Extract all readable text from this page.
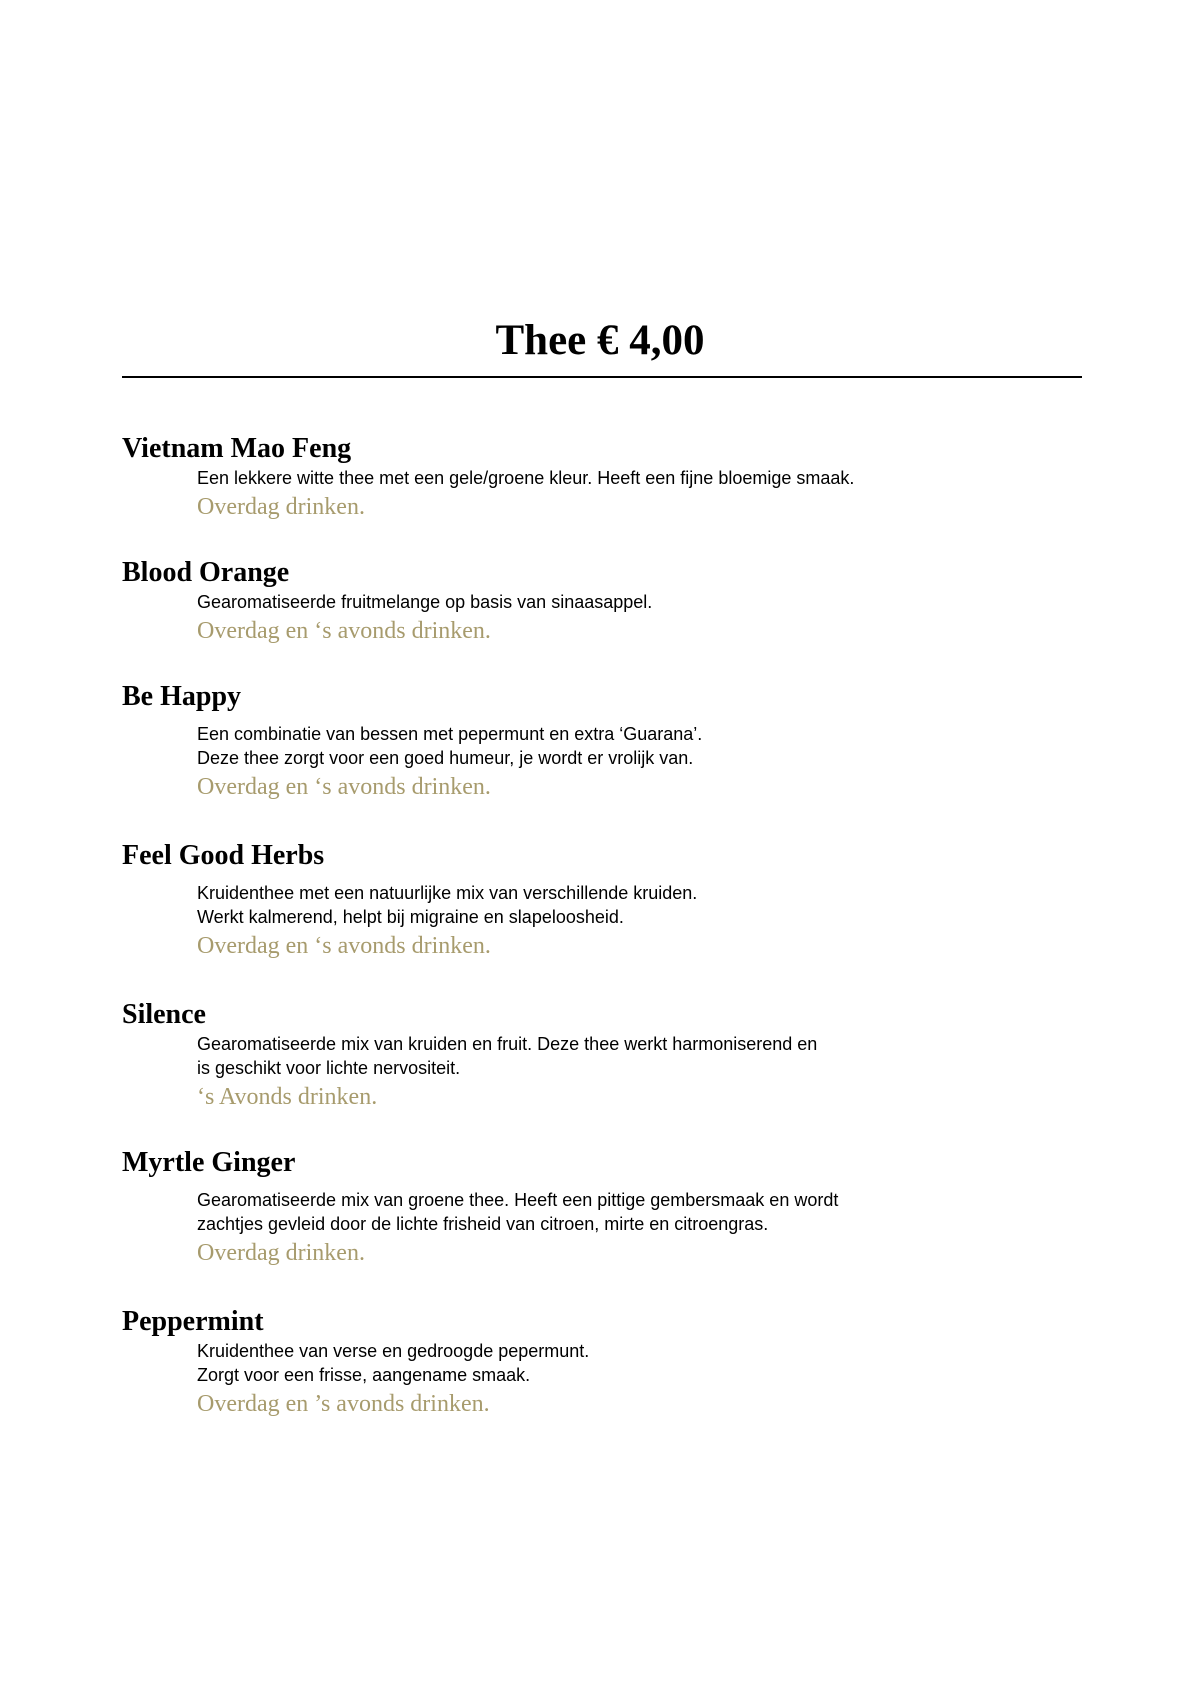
Thee € 4,00
Vietnam Mao Feng
Een lekkere witte thee met een gele/groene kleur. Heeft een fijne bloemige smaak.
Overdag drinken.
Blood Orange
Gearomatiseerde fruitmelange op basis van sinaasappel.
Overdag en ‘s avonds drinken.
Be Happy
Een combinatie van bessen met pepermunt en extra ‘Guarana’.
Deze thee zorgt voor een goed humeur, je wordt er vrolijk van.
Overdag en ‘s avonds drinken.
Feel Good Herbs
Kruidenthee met een natuurlijke mix van verschillende kruiden.
Werkt kalmerend, helpt bij migraine en slapeloosheid.
Overdag en ‘s avonds drinken.
Silence
Gearomatiseerde mix van kruiden en fruit. Deze thee werkt harmoniserend en
is geschikt voor lichte nervositeit.
‘s Avonds drinken.
Myrtle Ginger
Gearomatiseerde mix van groene thee. Heeft een pittige gembersmaak en wordt
zachtjes gevleid door de lichte frisheid van citroen, mirte en citroengras.
Overdag drinken.
Peppermint
Kruidenthee van verse en gedroogde pepermunt.
Zorgt voor een frisse, aangename smaak.
Overdag en ’s avonds drinken.
